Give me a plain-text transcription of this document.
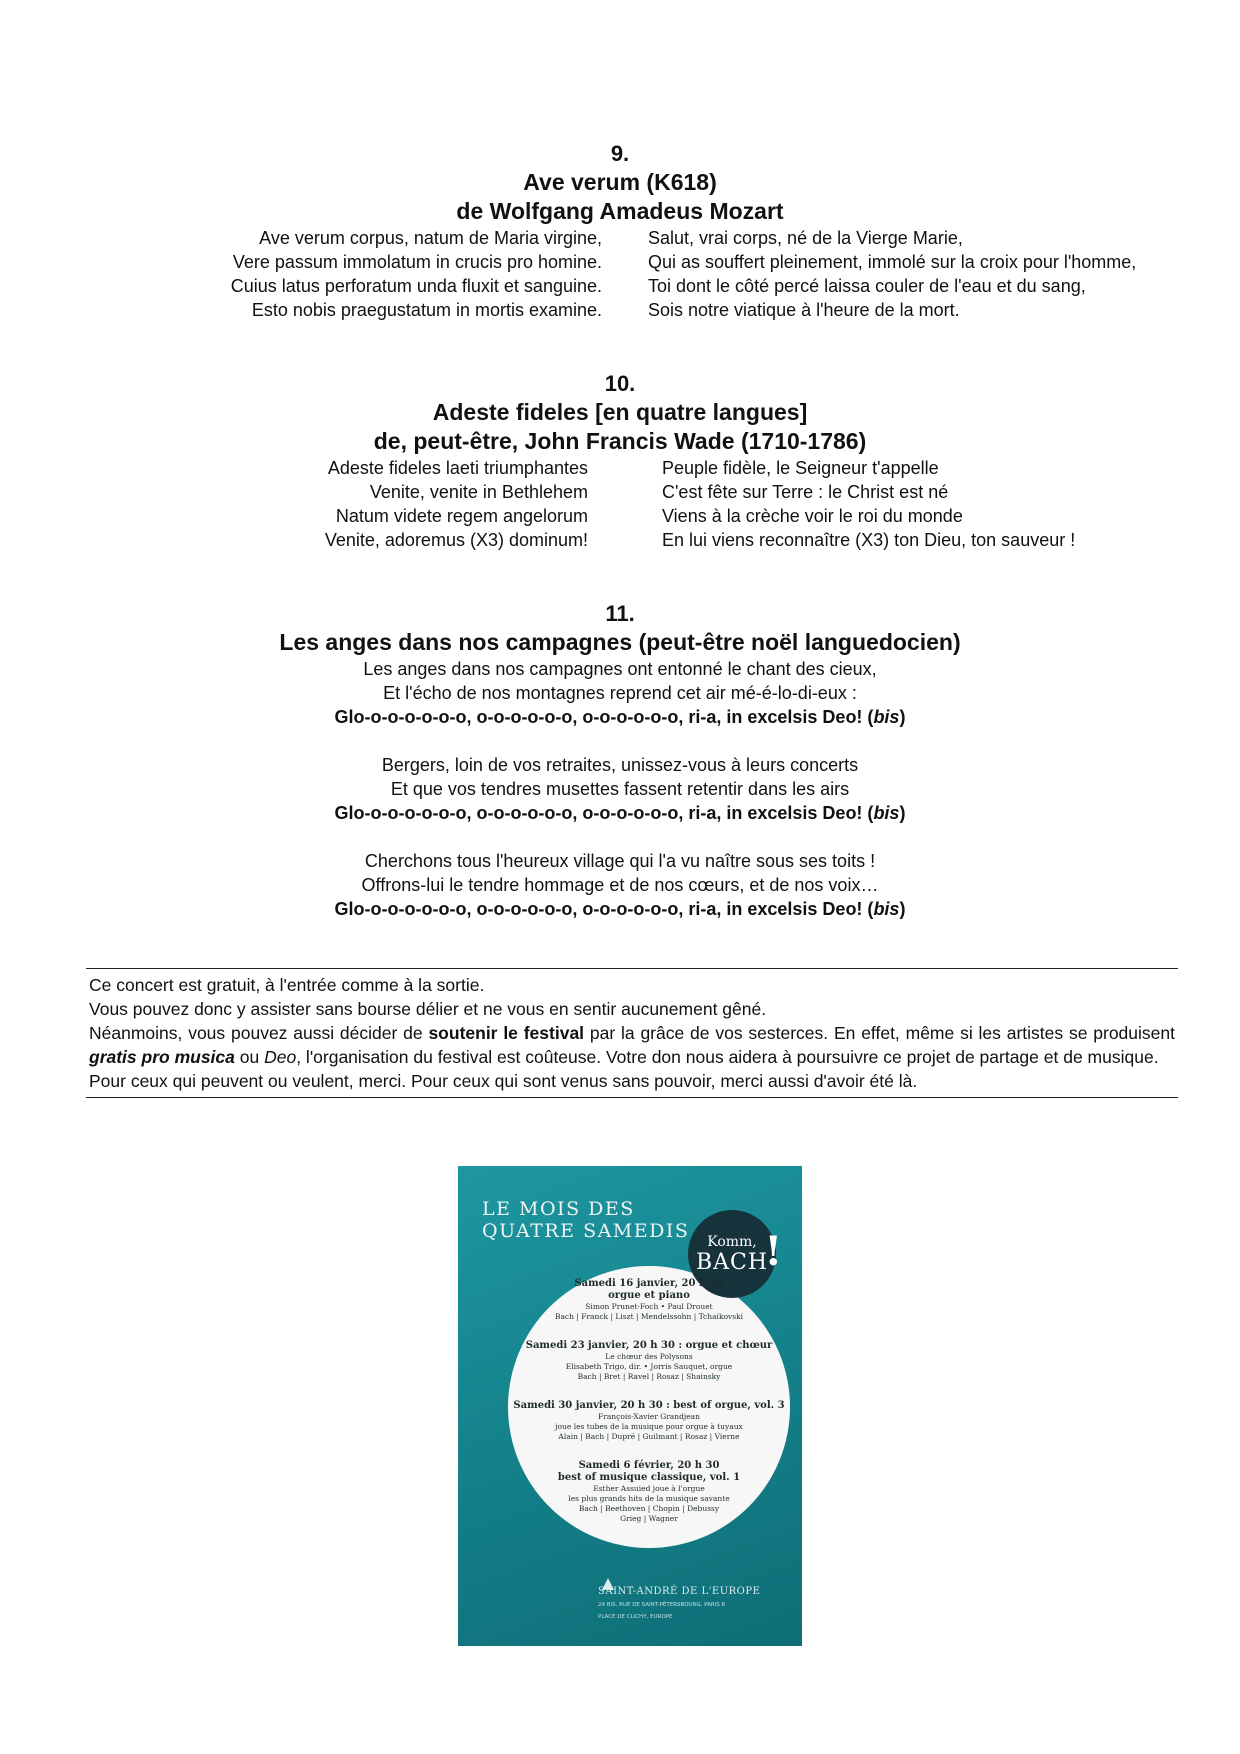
9.
Ave verum (K618)
de Wolfgang Amadeus Mozart
Ave verum corpus, natum de Maria virgine,
Vere passum immolatum in crucis pro homine.
Cuius latus perforatum unda fluxit et sanguine.
Esto nobis praegustatum in mortis examine.
Salut, vrai corps, né de la Vierge Marie,
Qui as souffert pleinement, immolé sur la croix pour l'homme,
Toi dont le côté percé laissa couler de l'eau et du sang,
Sois notre viatique à l'heure de la mort.
10.
Adeste fideles [en quatre langues]
de, peut-être, John Francis Wade (1710-1786)
Adeste fideles laeti triumphantes
Venite, venite in Bethlehem
Natum videte regem angelorum
Venite, adoremus (X3) dominum!
Peuple fidèle, le Seigneur t'appelle
C'est fête sur Terre : le Christ est né
Viens à la crèche voir le roi du monde
En lui viens reconnaître (X3) ton Dieu, ton sauveur !
11.
Les anges dans nos campagnes (peut-être noël languedocien)
Les anges dans nos campagnes ont entonné le chant des cieux,
Et l'écho de nos montagnes reprend cet air mé-é-lo-di-eux :
Glo-o-o-o-o-o-o, o-o-o-o-o-o, o-o-o-o-o-o, ri-a, in excelsis Deo! (bis)
Bergers, loin de vos retraites, unissez-vous à leurs concerts
Et que vos tendres musettes fassent retentir dans les airs
Glo-o-o-o-o-o-o, o-o-o-o-o-o, o-o-o-o-o-o, ri-a, in excelsis Deo! (bis)
Cherchons tous l'heureux village qui l'a vu naître sous ses toits !
Offrons-lui le tendre hommage et de nos cœurs, et de nos voix…
Glo-o-o-o-o-o-o, o-o-o-o-o-o, o-o-o-o-o-o, ri-a, in excelsis Deo! (bis)

Ce concert est gratuit, à l'entrée comme à la sortie.

Vous pouvez donc y assister sans bourse délier et ne vous en sentir aucunement gêné.

Néanmoins, vous pouvez aussi décider de soutenir le festival par la grâce de vos sesterces. En effet, même si les artistes se produisent gratis pro musica ou Deo, l'organisation du festival est coûteuse. Votre don nous aidera à poursuivre ce projet de partage et de musique.

Pour ceux qui peuvent ou veulent, merci. Pour ceux qui sont venus sans pouvoir, merci aussi d'avoir été là.

LE MOIS DES
QUATRE SAMEDIS	Komm,
BACH
!
Samedi 16 janvier, 20 h 30
orgue et piano
Simon Prunet-Foch • Paul Drouet
Bach | Franck | Liszt | Mendelssohn | Tchaikovski
Samedi 23 janvier, 20 h 30 : orgue et chœur
Le chœur des Polysons
Elisabeth Trigo, dir. • Jorris Sauquet, orgue
Bach | Bret | Ravel | Rosaz | Shainsky
Samedi 30 janvier, 20 h 30 : best of orgue, vol. 3
François-Xavier Grandjean
joue les tubes de la musique pour orgue à tuyaux
Alain | Bach | Dupré | Guilmant | Rosaz | Vierne
Samedi 6 février, 20 h 30
best of musique classique, vol. 1
Esther Assuied joue à l'orgue
les plus grands hits de la musique savante
Bach | Beethoven | Chopin | Debussy
Grieg | Wagner
SAINT-ANDRÉ DE L'EUROPE
24 BIS, RUE DE SAINT-PÉTERSBOURG, PARIS 8
PLACE DE CLICHY, EUROPE
